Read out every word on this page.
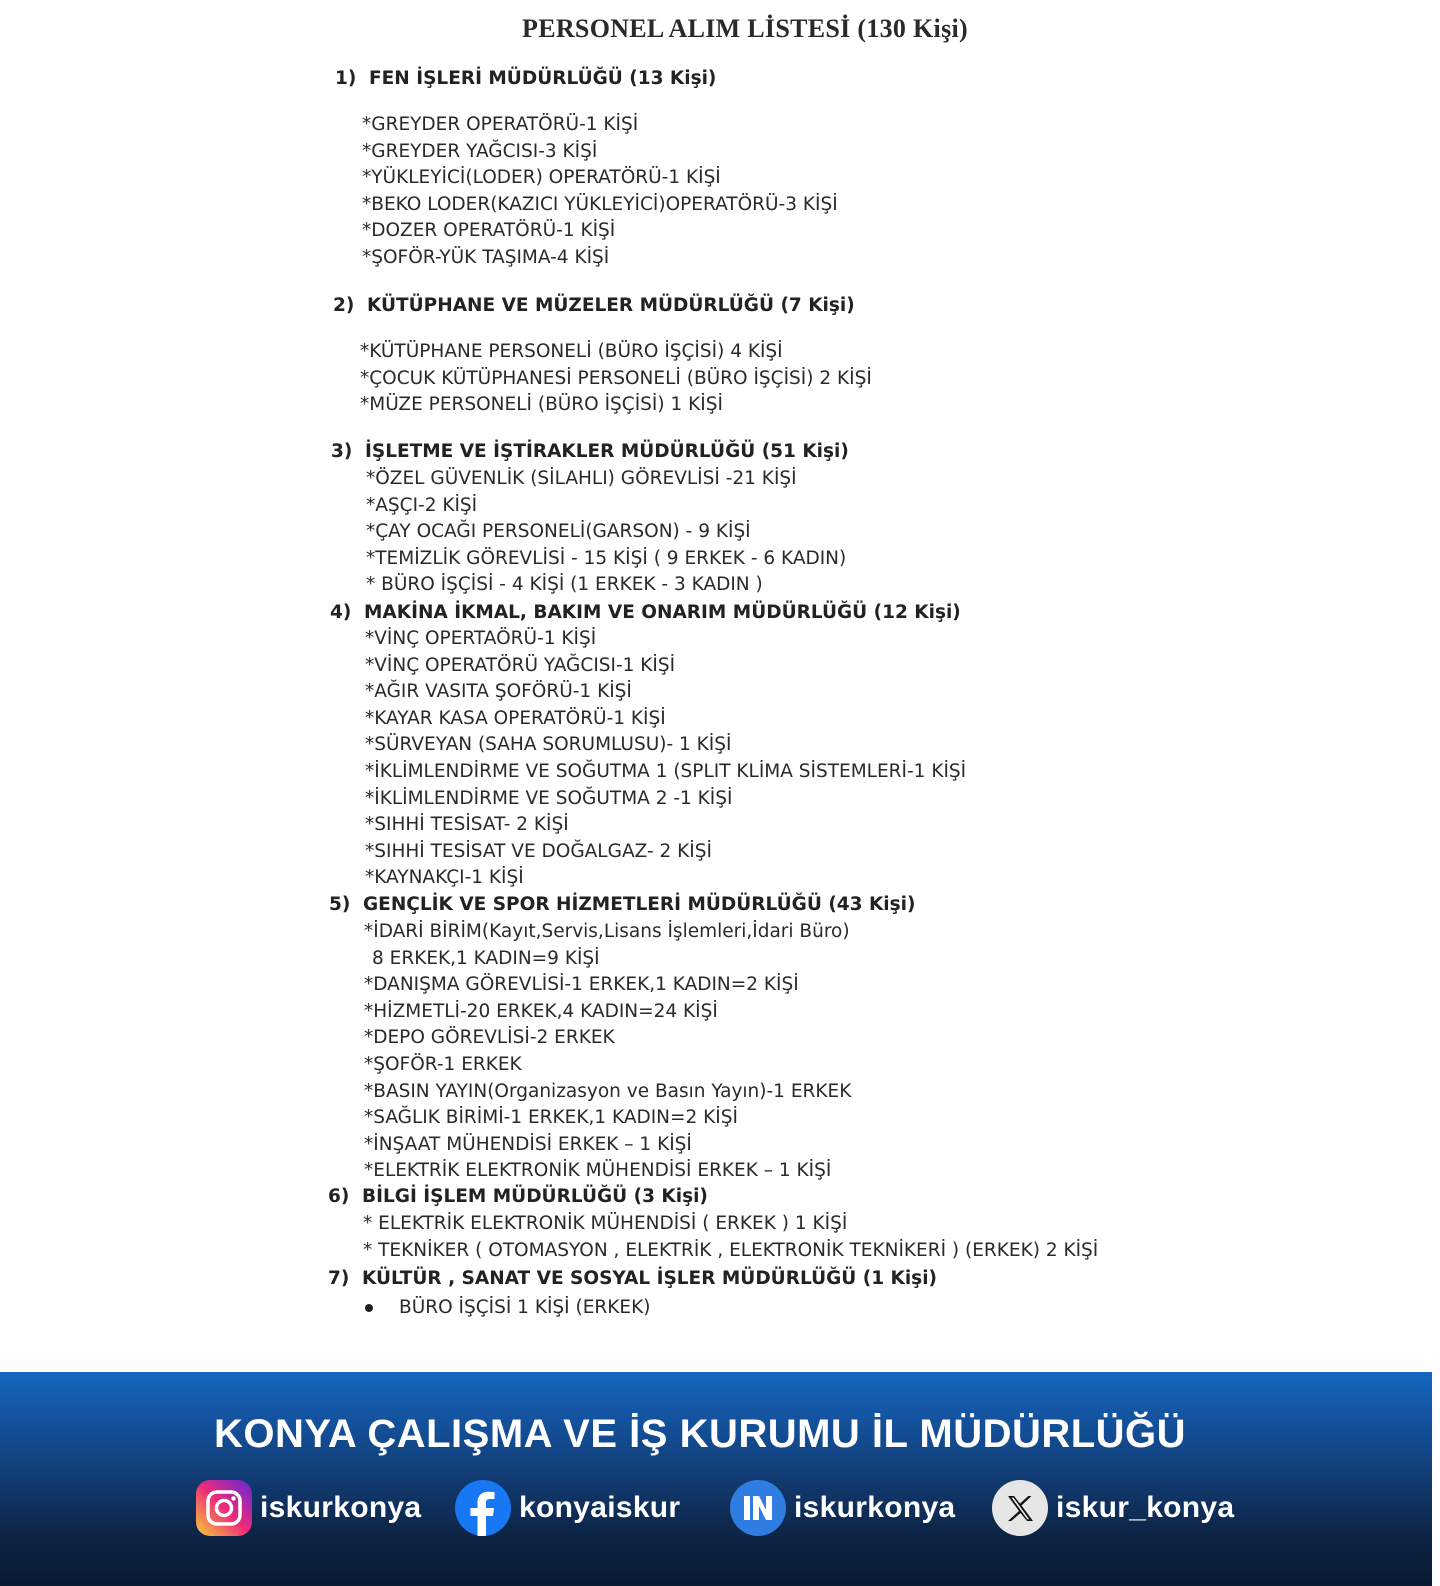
PERSONEL ALIM LİSTESİ (130 Kişi)
1) FEN İŞLERİ MÜDÜRLÜĞÜ (13 Kişi)
*GREYDER OPERATÖRÜ-1 KİŞİ
*GREYDER YAĞCISI-3 KİŞİ
*YÜKLEYİCİ(LODER) OPERATÖRÜ-1 KİŞİ
*BEKO LODER(KAZICI YÜKLEYİCİ)OPERATÖRÜ-3 KİŞİ
*DOZER OPERATÖRÜ-1 KİŞİ
*ŞOFÖR-YÜK TAŞIMA-4 KİŞİ
2) KÜTÜPHANE VE MÜZELER MÜDÜRLÜĞÜ (7 Kişi)
*KÜTÜPHANE PERSONELİ (BÜRO İŞÇİSİ) 4 KİŞİ
*ÇOCUK KÜTÜPHANESİ PERSONELİ (BÜRO İŞÇİSİ) 2 KİŞİ
*MÜZE PERSONELİ (BÜRO İŞÇİSİ) 1 KİŞİ
3) İŞLETME VE İŞTİRAKLER MÜDÜRLÜĞÜ (51 Kişi)
*ÖZEL GÜVENLİK (SİLAHLI) GÖREVLİSİ -21 KİŞİ
*AŞÇI-2 KİŞİ
*ÇAY OCAĞI PERSONELİ(GARSON) - 9 KİŞİ
*TEMİZLİK GÖREVLİSİ - 15 KİŞİ ( 9 ERKEK - 6 KADIN)
* BÜRO İŞÇİSİ - 4 KİŞİ (1 ERKEK - 3 KADIN )
4) MAKİNA İKMAL, BAKIM VE ONARIM MÜDÜRLÜĞÜ (12 Kişi)
*VİNÇ OPERTAÖRÜ-1 KİŞİ
*VİNÇ OPERATÖRÜ YAĞCISI-1 KİŞİ
*AĞIR VASITA ŞOFÖRÜ-1 KİŞİ
*KAYAR KASA OPERATÖRÜ-1 KİŞİ
*SÜRVEYAN (SAHA SORUMLUSU)- 1 KİŞİ
*İKLİMLENDİRME VE SOĞUTMA 1 (SPLIT KLİMA SİSTEMLERİ-1 KİŞİ
*İKLİMLENDİRME VE SOĞUTMA 2 -1 KİŞİ
*SIHHİ TESİSAT- 2 KİŞİ
*SIHHİ TESİSAT VE DOĞALGAZ- 2 KİŞİ
*KAYNAKÇI-1 KİŞİ
5) GENÇLİK VE SPOR HİZMETLERİ MÜDÜRLÜĞÜ (43 Kişi)
*İDARİ BİRİM(Kayıt,Servis,Lisans İşlemleri,İdari Büro)
8 ERKEK,1 KADIN=9 KİŞİ
*DANIŞMA GÖREVLİSİ-1 ERKEK,1 KADIN=2 KİŞİ
*HİZMETLİ-20 ERKEK,4 KADIN=24 KİŞİ
*DEPO GÖREVLİSİ-2 ERKEK
*ŞOFÖR-1 ERKEK
*BASIN YAYIN(Organizasyon ve Basın Yayın)-1 ERKEK
*SAĞLIK BİRİMİ-1 ERKEK,1 KADIN=2 KİŞİ
*İNŞAAT MÜHENDİSİ ERKEK – 1 KİŞİ
*ELEKTRİK ELEKTRONİK MÜHENDİSİ ERKEK – 1 KİŞİ
6) BİLGİ İŞLEM MÜDÜRLÜĞÜ (3 Kişi)
* ELEKTRİK ELEKTRONİK MÜHENDİSİ ( ERKEK ) 1 KİŞİ
* TEKNİKER ( OTOMASYON , ELEKTRİK , ELEKTRONİK TEKNİKERİ ) (ERKEK) 2 KİŞİ
7) KÜLTÜR , SANAT VE SOSYAL İŞLER MÜDÜRLÜĞÜ (1 Kişi)
BÜRO İŞÇİSİ 1 KİŞİ (ERKEK)
KONYA ÇALIŞMA VE İŞ KURUMU İL MÜDÜRLÜĞÜ
iskurkonya	konyaiskur	iskurkonya	iskur_konya
